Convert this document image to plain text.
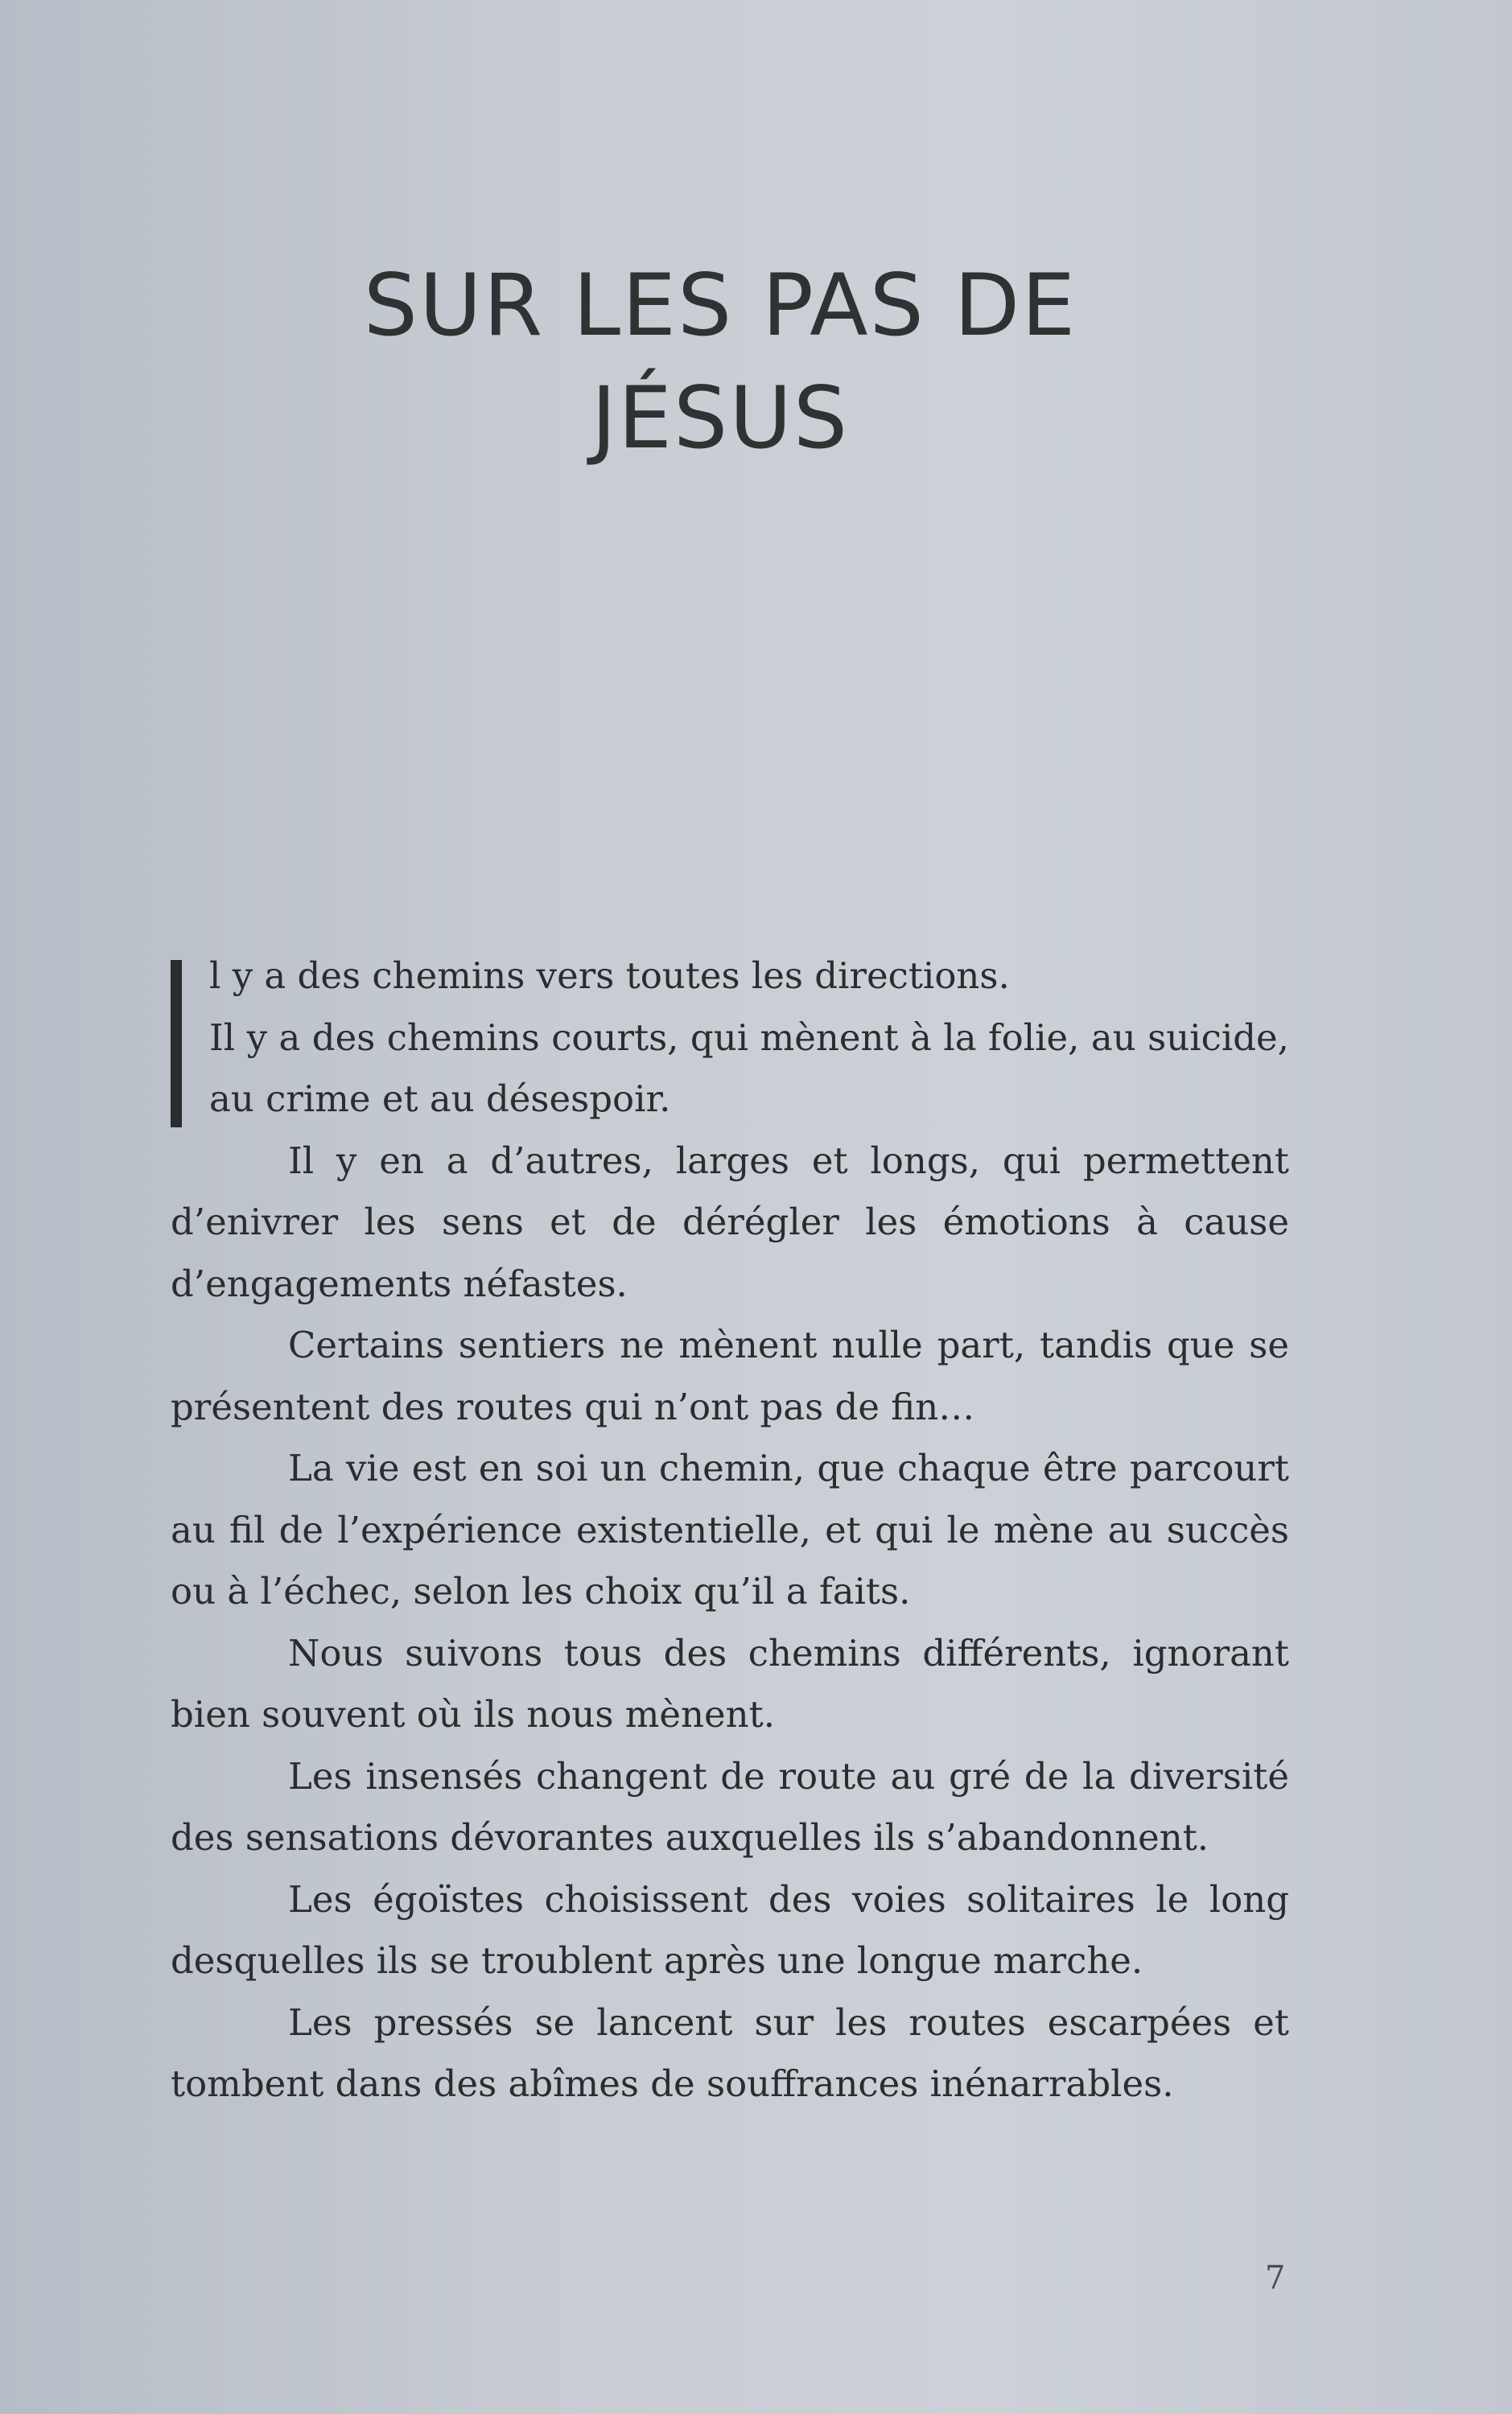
SUR LES PAS DE
JÉSUS

l y a des chemins vers toutes les directions.

Il y a des chemins courts, qui mènent à la folie, au suicide, au crime et au désespoir.

Il y en a d’autres, larges et longs, qui permettent d’enivrer les sens et de dérégler les émotions à cause d’engagements néfastes.

Certains sentiers ne mènent nulle part, tandis que se présentent des routes qui n’ont pas de fin…

La vie est en soi un chemin, que chaque être parcourt au fil de l’expérience existentielle, et qui le mène au succès ou à l’échec, selon les choix qu’il a faits.

Nous suivons tous des chemins différents, ignorant bien souvent où ils nous mènent.

Les insensés changent de route au gré de la diversité des sensations dévorantes auxquelles ils s’abandonnent.

Les égoïstes choisissent des voies solitaires le long desquelles ils se troublent après une longue marche.

Les pressés se lancent sur les routes escarpées et tombent dans des abîmes de souffrances inénarrables.

7
